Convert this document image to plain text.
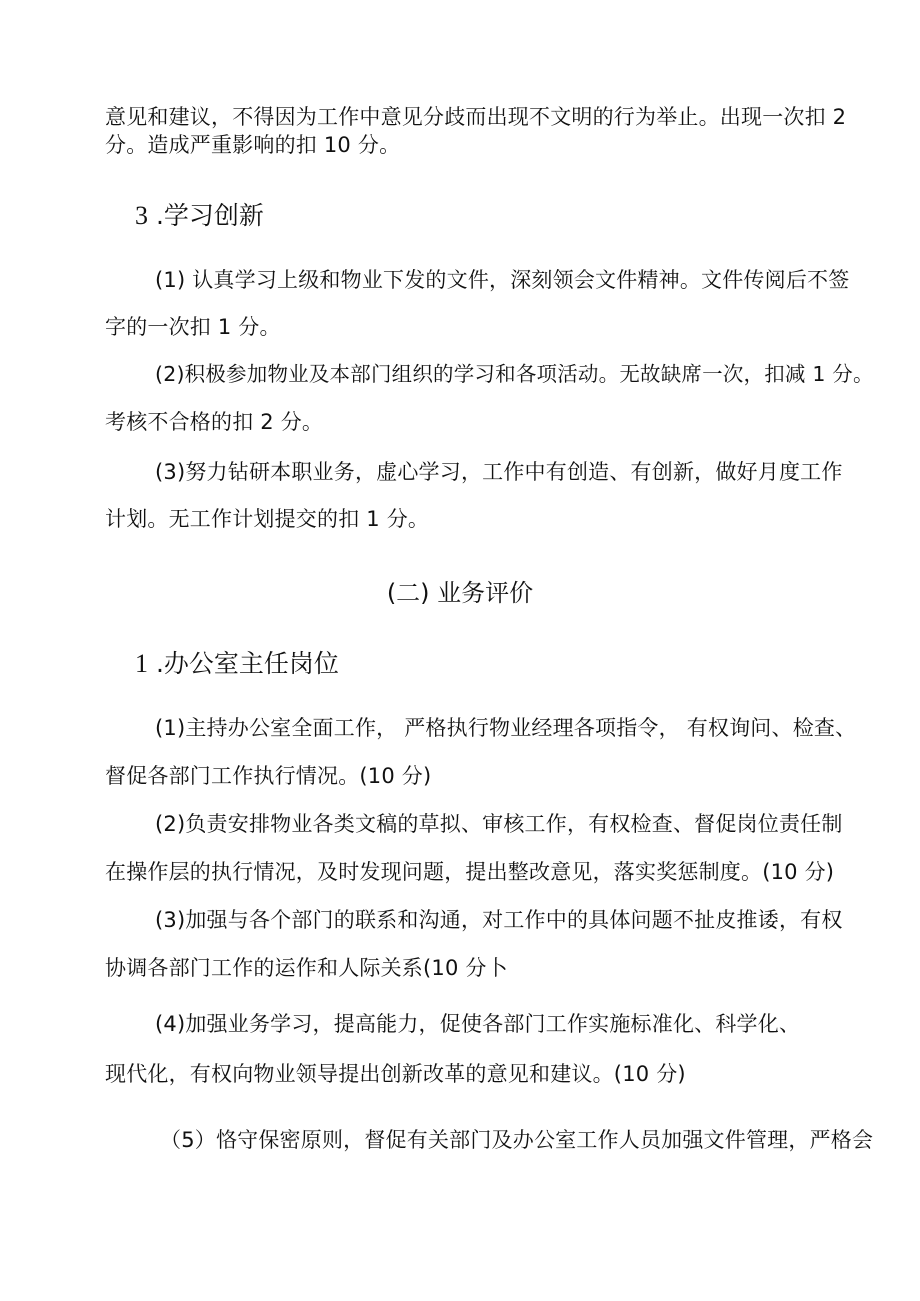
意见和建议，不得因为工作中意见分歧而出现不文明的行为举止。出现一次扣 2
分。造成严重影响的扣 10 分。
3 .学习创新
(1) 认真学习上级和物业下发的文件，深刻领会文件精神。文件传阅后不签
字的一次扣 1 分。
(2)积极参加物业及本部门组织的学习和各项活动。无故缺席一次，扣减 1 分。
考核不合格的扣 2 分。
(3)努力钻研本职业务，虚心学习，工作中有创造、有创新，做好月度工作
计划。无工作计划提交的扣 1 分。
(二) 业务评价
1 .办公室主任岗位
(1)主持办公室全面工作， 严格执行物业经理各项指令， 有权询问、检查、
督促各部门工作执行情况。(10 分)
(2)负责安排物业各类文稿的草拟、审核工作，有权检查、督促岗位责任制
在操作层的执行情况，及时发现问题，提出整改意见，落实奖惩制度。(10 分)
(3)加强与各个部门的联系和沟通，对工作中的具体问题不扯皮推诿，有权
协调各部门工作的运作和人际关系(10 分卜
(4)加强业务学习，提高能力，促使各部门工作实施标准化、科学化、
现代化，有权向物业领导提出创新改革的意见和建议。(10 分)
（5）恪守保密原则，督促有关部门及办公室工作人员加强文件管理，严格会
